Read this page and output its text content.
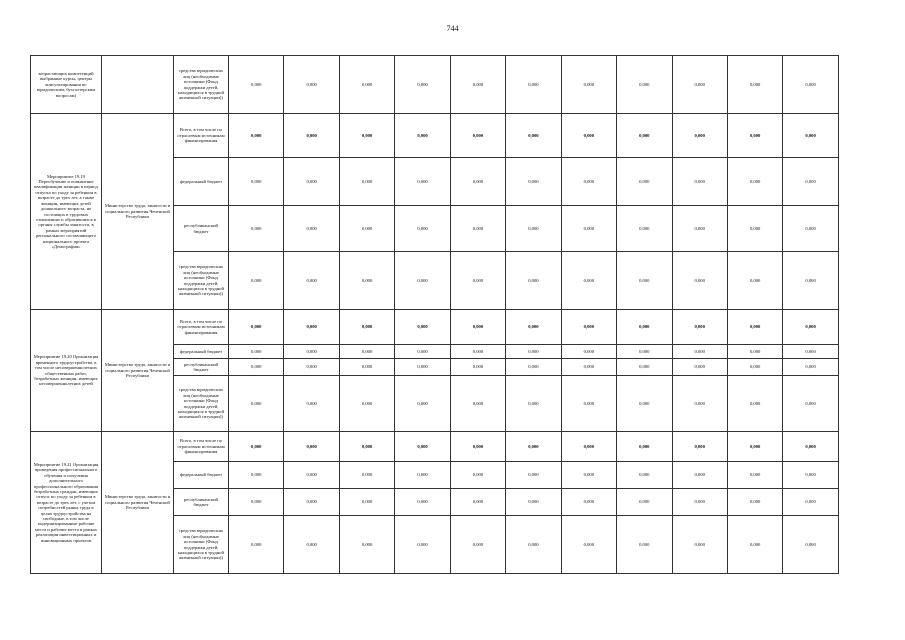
744
возрастающих компетенций выбранные курсы, центры консультирования по юридическим, бухгалтерским вопросам)		средства юридических лиц (необходимые источники (Фонд поддержки детей, находящихся в трудной жизненной ситуации))	0,000	0,000	0,000	0,000	0,000	0,000	0,000	0,000	0,000	0,000	0,000
Мероприятие 19.19 Переобучение и повышение квалификации женщин в период отпуска по уходу за ребенком в возрасте до трех лет, а также женщин, имеющих детей дошкольного возраста, не состоящих в трудовых отношениях и обратившихся в органы службы занятости, в рамках мероприятий регионального составляющего национального проекта «Демография»	Министерство труда, занятости и социального развития Чеченской Республики	Всего, в том числе по отраслевым источникам финансирования	0,000	0,000	0,000	0,000	0,000	0,000	0,000	0,000	0,000	0,000	0,000
		федеральный бюджет	0,000	0,000	0,000	0,000	0,000	0,000	0,000	0,000	0,000	0,000	0,000
		республиканский бюджет	0,000	0,000	0,000	0,000	0,000	0,000	0,000	0,000	0,000	0,000	0,000
		средства юридических лиц (необходимые источники (Фонд поддержки детей, находящихся в трудной жизненной ситуации))	0,000	0,000	0,000	0,000	0,000	0,000	0,000	0,000	0,000	0,000	0,000
Мероприятие 19.20 Организация временного трудоустройства, в том числе несовершеннолетних общественных работ, безработных женщин, имеющих несовершеннолетних детей	Министерство труда, занятости и социального развития Чеченской Республики	Всего, в том числе по отраслевым источникам финансирования	0,000	0,000	0,000	0,000	0,000	0,000	0,000	0,000	0,000	0,000	0,000
		федеральный бюджет	0,000	0,000	0,000	0,000	0,000	0,000	0,000	0,000	0,000	0,000	0,000
		республиканский бюджет	0,000	0,000	0,000	0,000	0,000	0,000	0,000	0,000	0,000	0,000	0,000
		средства юридических лиц (необходимые источники (Фонд поддержки детей, находящихся в трудной жизненной ситуации))	0,000	0,000	0,000	0,000	0,000	0,000	0,000	0,000	0,000	0,000	0,000
Мероприятие 19.21 Организация проведения профессионального обучения и получения дополнительного профессионального образования безработных граждан, имеющих отпуск по уходу за ребенком в возрасте до трех лет, с учетом потребностей рынка труда в целях трудоустройства на свободные, в том числе модернизированные рабочие места и рабочие места в рамках реализации инвестиционных и инновационных проектов	Министерство труда, занятости и социального развития Чеченской Республики	Всего, в том числе по отраслевым источникам финансирования	0,000	0,000	0,000	0,000	0,000	0,000	0,000	0,000	0,000	0,000	0,000
		федеральный бюджет	0,000	0,000	0,000	0,000	0,000	0,000	0,000	0,000	0,000	0,000	0,000
		республиканский бюджет	0,000	0,000	0,000	0,000	0,000	0,000	0,000	0,000	0,000	0,000	0,000
		средства юридических лиц (необходимые источники (Фонд поддержки детей, находящихся в трудной жизненной ситуации))	0,000	0,000	0,000	0,000	0,000	0,000	0,000	0,000	0,000	0,000	0,000
